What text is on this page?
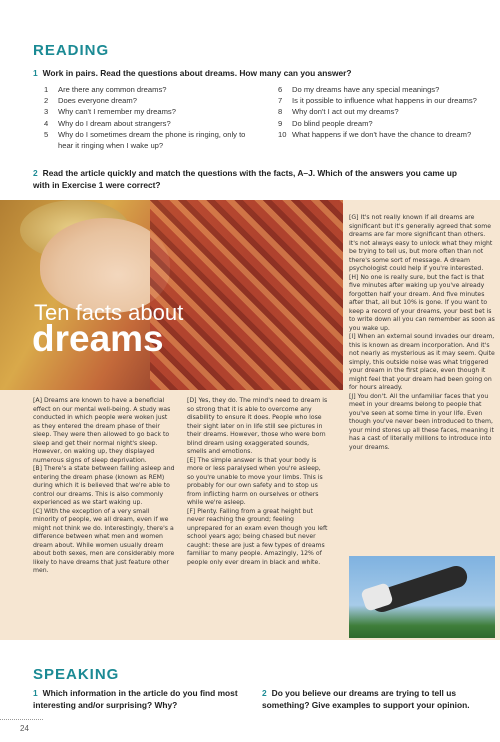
READING
1 Work in pairs. Read the questions about dreams. How many can you answer?
1	Are there any common dreams?
2	Does everyone dream?
3	Why can't I remember my dreams?
4	Why do I dream about strangers?
5	Why do I sometimes dream the phone is ringing, only to hear it ringing when I wake up?
6	Do my dreams have any special meanings?
7	Is it possible to influence what happens in our dreams?
8	Why don't I act out my dreams?
9	Do blind people dream?
10 What happens if we don't have the chance to dream?
2 Read the article quickly and match the questions with the facts, A–J. Which of the answers you came up with in Exercise 1 were correct?
Ten facts about
dreams

[A] Dreams are known to have a beneficial effect on our mental well-being. A study was conducted in which people were woken just as they entered the dream phase of their sleep. They were then allowed to go back to sleep and get their normal night's sleep. However, on waking up, they displayed numerous signs of sleep deprivation.

[B] There's a state between falling asleep and entering the dream phase (known as REM) during which it is believed that we're able to control our dreams. This is also commonly experienced as we start waking up.

[C] With the exception of a very small minority of people, we all dream, even if we might not think we do. Interestingly, there's a difference between what men and women dream about. While women usually dream about both sexes, men are considerably more likely to have dreams that just feature other men.

[D] Yes, they do. The mind's need to dream is so strong that it is able to overcome any disability to ensure it does. People who lose their sight later on in life still see pictures in their dreams. However, those who were born blind dream using exaggerated sounds, smells and emotions.

[E] The simple answer is that your body is more or less paralysed when you're asleep, so you're unable to move your limbs. This is probably for our own safety and to stop us from inflicting harm on ourselves or others while we're asleep.

[F] Plenty. Falling from a great height but never reaching the ground; feeling unprepared for an exam even though you left school years ago; being chased but never caught: these are just a few types of dreams familiar to many people. Amazingly, 12% of people only ever dream in black and white.

[G] It's not really known if all dreams are significant but it's generally agreed that some dreams are far more significant than others. It's not always easy to unlock what they might be trying to tell us, but more often than not there's some sort of message. A dream psychologist could help if you're interested.

[H] No one is really sure, but the fact is that five minutes after waking up you've already forgotten half your dream. And five minutes after that, all but 10% is gone. If you want to keep a record of your dreams, your best bet is to write down all you can remember as soon as you wake up.

[I] When an external sound invades our dream, this is known as dream incorporation. And it's not nearly as mysterious as it may seem. Quite simply, this outside noise was what triggered your dream in the first place, even though it might feel that your dream had been going on for hours already.

[J] You don't. All the unfamiliar faces that you meet in your dreams belong to people that you've seen at some time in your life. Even though you've never been introduced to them, your mind stores up all these faces, meaning it has a cast of literally millions to introduce into your dreams.

SPEAKING
1 Which information in the article do you find most interesting and/or surprising? Why?
2 Do you believe our dreams are trying to tell us something? Give examples to support your opinion.
24
